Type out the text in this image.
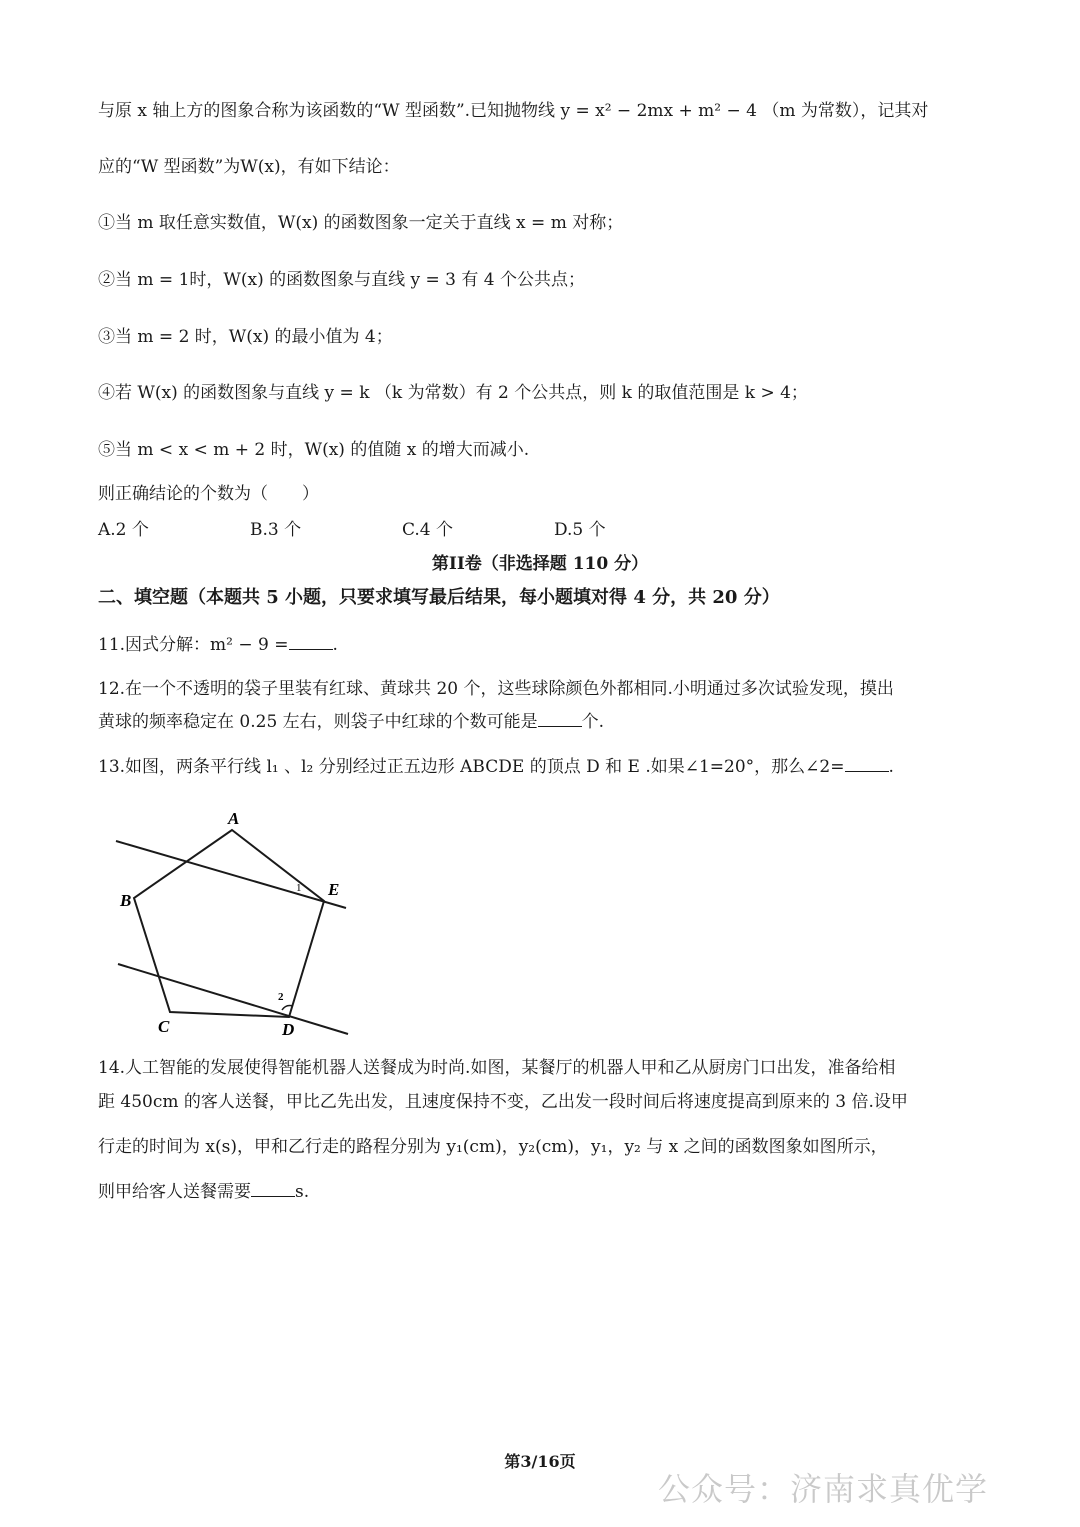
与原 x 轴上方的图象合称为该函数的“W 型函数”.已知抛物线 y = x² − 2mx + m² − 4 （m 为常数），记其对
应的“W 型函数”为W(x)，有如下结论：
①当 m 取任意实数值，W(x) 的函数图象一定关于直线 x = m 对称；
②当 m = 1时，W(x) 的函数图象与直线 y = 3 有 4 个公共点；
③当 m = 2 时，W(x) 的最小值为 4；
④若 W(x) 的函数图象与直线 y = k （k 为常数）有 2 个公共点，则 k 的取值范围是 k > 4；
⑤当 m < x < m + 2 时，W(x) 的值随 x 的增大而减小.
则正确结论的个数为（　　）
A.2 个	B.3 个	C.4 个	D.5 个
第II卷（非选择题 110 分）
二、填空题（本题共 5 小题，只要求填写最后结果，每小题填对得 4 分，共 20 分）
11.因式分解：m² − 9 =	.
12.在一个不透明的袋子里装有红球、黄球共 20 个，这些球除颜色外都相同.小明通过多次试验发现，摸出
黄球的频率稳定在 0.25 左右，则袋子中红球的个数可能是	个.
13.如图，两条平行线 l₁ 、l₂ 分别经过正五边形 ABCDE 的顶点 D 和 E .如果∠1=20°，那么∠2=	.
A
B
C	D
E
1
2
14.人工智能的发展使得智能机器人送餐成为时尚.如图，某餐厅的机器人甲和乙从厨房门口出发，准备给相
距 450cm 的客人送餐，甲比乙先出发，且速度保持不变，乙出发一段时间后将速度提高到原来的 3 倍.设甲
行走的时间为 x(s)，甲和乙行走的路程分别为 y₁(cm)，y₂(cm)，y₁，y₂ 与 x 之间的函数图象如图所示，
则甲给客人送餐需要	s.
第3/16页
公众号：济南求真优学
